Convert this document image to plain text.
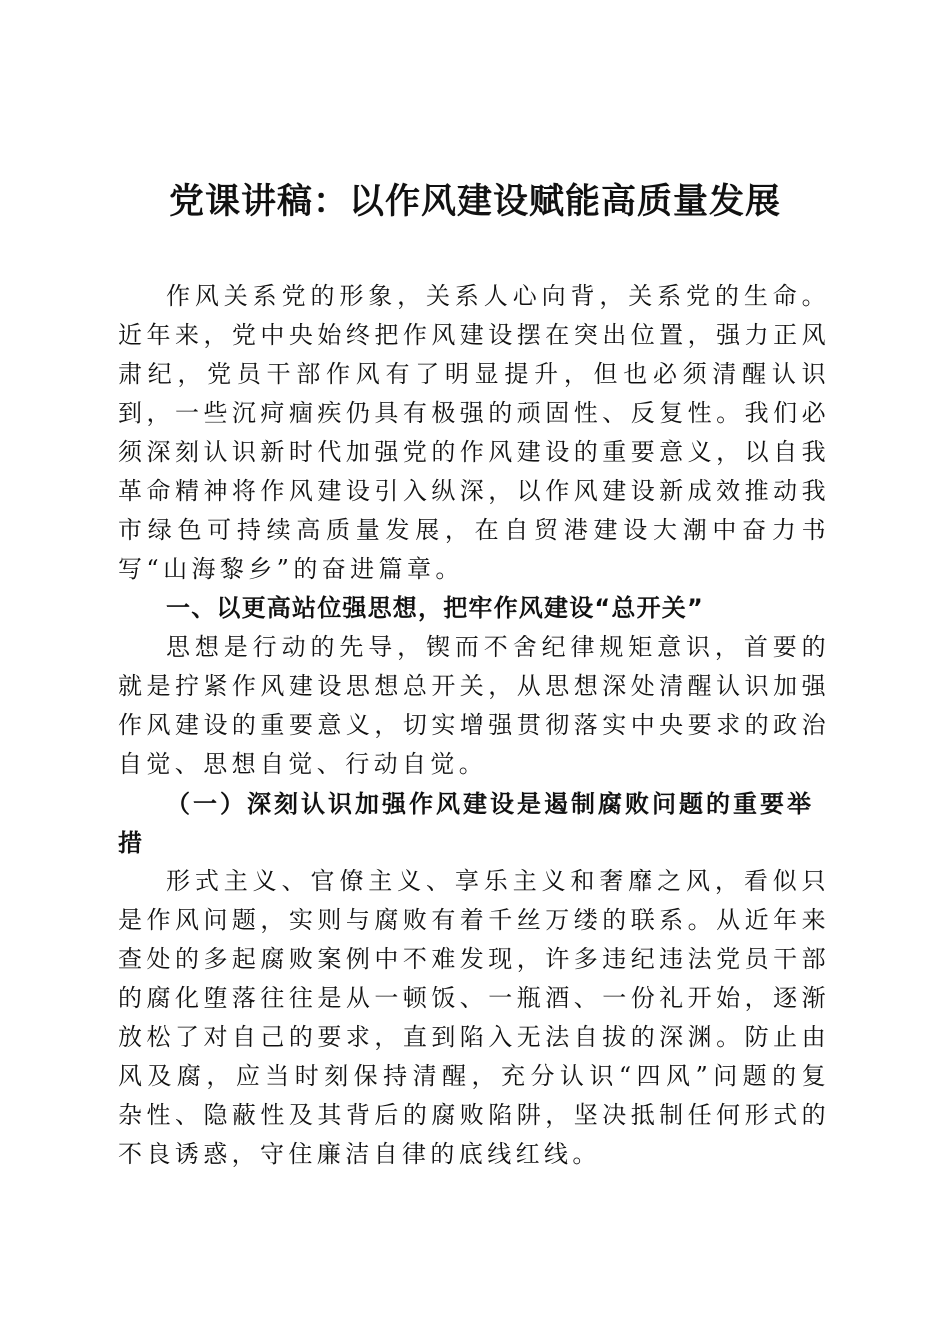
党课讲稿：以作风建设赋能高质量发展

作风关系党的形象，关系人心向背，关系党的生命。近年来，党中央始终把作风建设摆在突出位置，强力正风肃纪，党员干部作风有了明显提升，但也必须清醒认识到，一些沉疴痼疾仍具有极强的顽固性、反复性。我们必须深刻认识新时代加强党的作风建设的重要意义，以自我革命精神将作风建设引入纵深，以作风建设新成效推动我市绿色可持续高质量发展，在自贸港建设大潮中奋力书写“山海黎乡”的奋进篇章。

一、以更高站位强思想，把牢作风建设“总开关”

思想是行动的先导，锲而不舍纪律规矩意识，首要的就是拧紧作风建设思想总开关，从思想深处清醒认识加强作风建设的重要意义，切实增强贯彻落实中央要求的政治自觉、思想自觉、行动自觉。

（一）深刻认识加强作风建设是遏制腐败问题的重要举措

形式主义、官僚主义、享乐主义和奢靡之风，看似只是作风问题，实则与腐败有着千丝万缕的联系。从近年来查处的多起腐败案例中不难发现，许多违纪违法党员干部的腐化堕落往往是从一顿饭、一瓶酒、一份礼开始，逐渐放松了对自己的要求，直到陷入无法自拔的深渊。防止由风及腐，应当时刻保持清醒，充分认识“四风”问题的复杂性、隐蔽性及其背后的腐败陷阱，坚决抵制任何形式的不良诱惑，守住廉洁自律的底线红线。
